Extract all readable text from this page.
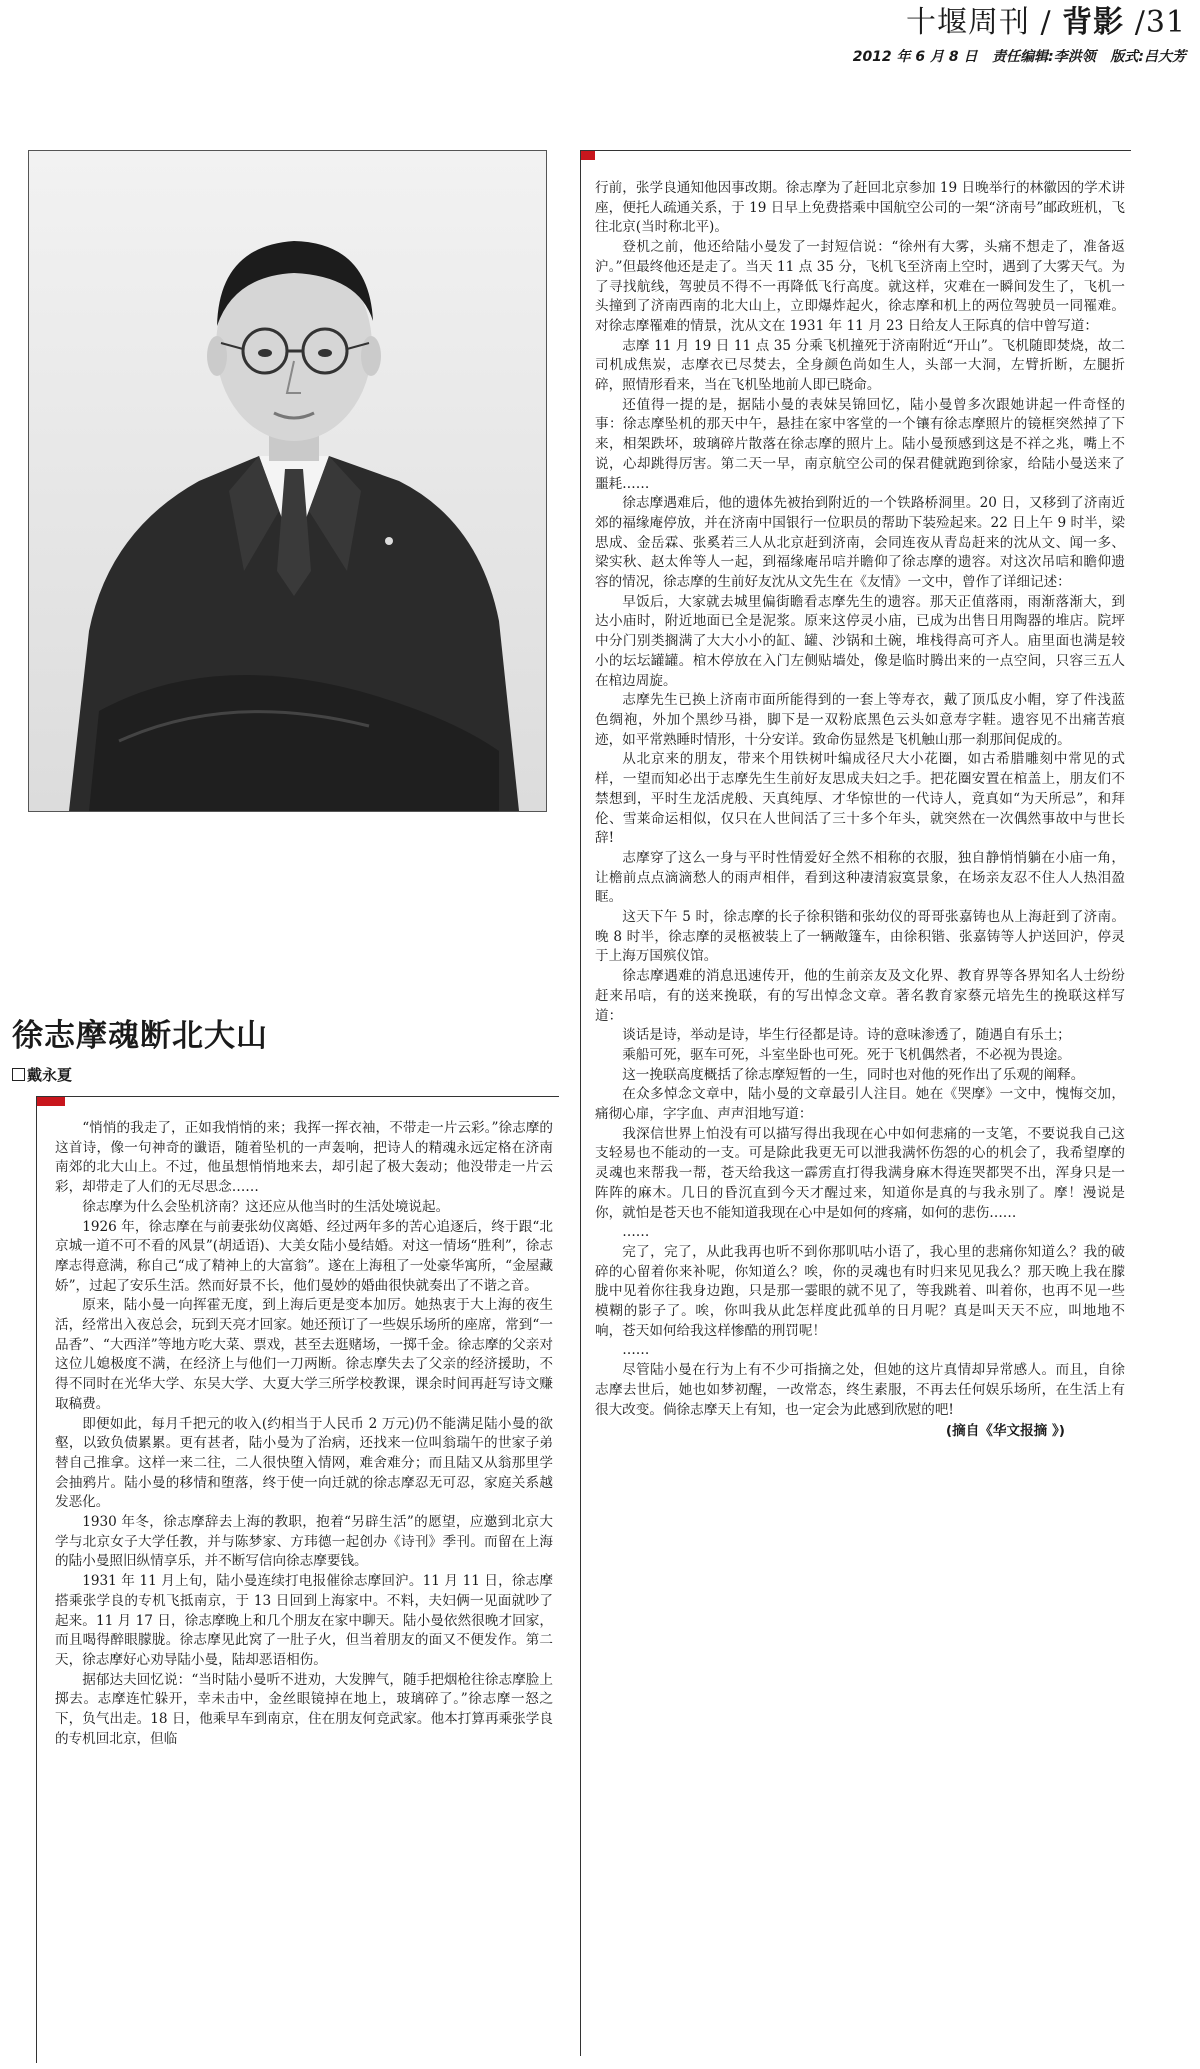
十堰周刊 / 背影 /31
2012 年 6 月 8 日 责任编辑:李洪领 版式:吕大芳
徐志摩魂断北大山
戴永夏

“悄悄的我走了，正如我悄悄的来；我挥一挥衣袖，不带走一片云彩。”徐志摩的这首诗，像一句神奇的谶语，随着坠机的一声轰响，把诗人的精魂永远定格在济南南郊的北大山上。不过，他虽想悄悄地来去，却引起了极大轰动；他没带走一片云彩，却带走了人们的无尽思念……

徐志摩为什么会坠机济南？这还应从他当时的生活处境说起。

1926 年，徐志摩在与前妻张幼仪离婚、经过两年多的苦心追逐后，终于跟“北京城一道不可不看的风景”(胡适语)、大美女陆小曼结婚。对这一情场“胜利”，徐志摩志得意满，称自己“成了精神上的大富翁”。遂在上海租了一处豪华寓所，“金屋藏娇”，过起了安乐生活。然而好景不长，他们曼妙的婚曲很快就奏出了不谐之音。

原来，陆小曼一向挥霍无度，到上海后更是变本加厉。她热衷于大上海的夜生活，经常出入夜总会，玩到天亮才回家。她还预订了一些娱乐场所的座席，常到“一品香”、“大西洋”等地方吃大菜、票戏，甚至去逛赌场，一掷千金。徐志摩的父亲对这位儿媳极度不满，在经济上与他们一刀两断。徐志摩失去了父亲的经济援助，不得不同时在光华大学、东吴大学、大夏大学三所学校教课，课余时间再赶写诗文赚取稿费。

即便如此，每月千把元的收入(约相当于人民币 2 万元)仍不能满足陆小曼的欲壑，以致负债累累。更有甚者，陆小曼为了治病，还找来一位叫翁瑞午的世家子弟替自己推拿。这样一来二往，二人很快堕入情网，难舍难分；而且陆又从翁那里学会抽鸦片。陆小曼的移情和堕落，终于使一向迁就的徐志摩忍无可忍，家庭关系越发恶化。

1930 年冬，徐志摩辞去上海的教职，抱着“另辟生活”的愿望，应邀到北京大学与北京女子大学任教，并与陈梦家、方玮德一起创办《诗刊》季刊。而留在上海的陆小曼照旧纵情享乐，并不断写信向徐志摩要钱。

1931 年 11 月上旬，陆小曼连续打电报催徐志摩回沪。11 月 11 日，徐志摩搭乘张学良的专机飞抵南京，于 13 日回到上海家中。不料，夫妇俩一见面就吵了起来。11 月 17 日，徐志摩晚上和几个朋友在家中聊天。陆小曼依然很晚才回家，而且喝得醉眼朦胧。徐志摩见此窝了一肚子火，但当着朋友的面又不便发作。第二天，徐志摩好心劝导陆小曼，陆却恶语相伤。

据郁达夫回忆说：“当时陆小曼听不进劝，大发脾气，随手把烟枪往徐志摩脸上掷去。志摩连忙躲开，幸未击中，金丝眼镜掉在地上，玻璃碎了。”徐志摩一怒之下，负气出走。18 日，他乘早车到南京，住在朋友何竞武家。他本打算再乘张学良的专机回北京，但临

行前，张学良通知他因事改期。徐志摩为了赶回北京参加 19 日晚举行的林徽因的学术讲座，便托人疏通关系，于 19 日早上免费搭乘中国航空公司的一架“济南号”邮政班机，飞往北京(当时称北平)。

登机之前，他还给陆小曼发了一封短信说：“徐州有大雾，头痛不想走了，准备返沪。”但最终他还是走了。当天 11 点 35 分，飞机飞至济南上空时，遇到了大雾天气。为了寻找航线，驾驶员不得不一再降低飞行高度。就这样，灾难在一瞬间发生了，飞机一头撞到了济南西南的北大山上，立即爆炸起火，徐志摩和机上的两位驾驶员一同罹难。对徐志摩罹难的情景，沈从文在 1931 年 11 月 23 日给友人王际真的信中曾写道：

志摩 11 月 19 日 11 点 35 分乘飞机撞死于济南附近“开山”。飞机随即焚烧，故二司机成焦炭，志摩衣已尽焚去，全身颜色尚如生人，头部一大洞，左臂折断，左腿折碎，照情形看来，当在飞机坠地前人即已晓命。

还值得一提的是，据陆小曼的表妹吴锦回忆，陆小曼曾多次跟她讲起一件奇怪的事：徐志摩坠机的那天中午，悬挂在家中客堂的一个镶有徐志摩照片的镜框突然掉了下来，相架跌坏，玻璃碎片散落在徐志摩的照片上。陆小曼预感到这是不祥之兆，嘴上不说，心却跳得厉害。第二天一早，南京航空公司的保君健就跑到徐家，给陆小曼送来了噩耗……

徐志摩遇难后，他的遗体先被抬到附近的一个铁路桥洞里。20 日，又移到了济南近郊的福缘庵停放，并在济南中国银行一位职员的帮助下装殓起来。22 日上午 9 时半，梁思成、金岳霖、张奚若三人从北京赶到济南，会同连夜从青岛赶来的沈从文、闻一多、梁实秋、赵太侔等人一起，到福缘庵吊唁并瞻仰了徐志摩的遗容。对这次吊唁和瞻仰遗容的情况，徐志摩的生前好友沈从文先生在《友情》一文中，曾作了详细记述：

早饭后，大家就去城里偏街瞻看志摩先生的遗容。那天正值落雨，雨渐落渐大，到达小庙时，附近地面已全是泥浆。原来这停灵小庙，已成为出售日用陶器的堆店。院坪中分门别类搁满了大大小小的缸、罐、沙锅和土碗，堆栈得高可齐人。庙里面也满是较小的坛坛罐罐。棺木停放在入门左侧贴墙处，像是临时腾出来的一点空间，只容三五人在棺边周旋。

志摩先生已换上济南市面所能得到的一套上等寿衣，戴了顶瓜皮小帽，穿了件浅蓝色绸袍，外加个黑纱马褂，脚下是一双粉底黑色云头如意寿字鞋。遗容见不出痛苦痕迹，如平常熟睡时情形，十分安详。致命伤显然是飞机触山那一刹那间促成的。

从北京来的朋友，带来个用铁树叶编成径尺大小花圈，如古希腊雕刻中常见的式样，一望而知必出于志摩先生生前好友思成夫妇之手。把花圈安置在棺盖上，朋友们不禁想到，平时生龙活虎般、天真纯厚、才华惊世的一代诗人，竟真如“为天所忌”，和拜伦、雪莱命运相似，仅只在人世间活了三十多个年头，就突然在一次偶然事故中与世长辞!

志摩穿了这么一身与平时性情爱好全然不相称的衣服，独自静悄悄躺在小庙一角，让檐前点点滴滴愁人的雨声相伴，看到这种凄清寂寞景象，在场亲友忍不住人人热泪盈眶。

这天下午 5 时，徐志摩的长子徐积锴和张幼仪的哥哥张嘉铸也从上海赶到了济南。晚 8 时半，徐志摩的灵柩被装上了一辆敞篷车，由徐积锴、张嘉铸等人护送回沪，停灵于上海万国殡仪馆。

徐志摩遇难的消息迅速传开，他的生前亲友及文化界、教育界等各界知名人士纷纷赶来吊唁，有的送来挽联，有的写出悼念文章。著名教育家蔡元培先生的挽联这样写道：

谈话是诗，举动是诗，毕生行径都是诗。诗的意味渗透了，随遇自有乐土；

乘船可死，驱车可死，斗室坐卧也可死。死于飞机偶然者，不必视为畏途。

这一挽联高度概括了徐志摩短暂的一生，同时也对他的死作出了乐观的阐释。

在众多悼念文章中，陆小曼的文章最引人注目。她在《哭摩》一文中，愧悔交加，痛彻心扉，字字血、声声泪地写道：

我深信世界上怕没有可以描写得出我现在心中如何悲痛的一支笔，不要说我自己这支轻易也不能动的一支。可是除此我更无可以泄我满怀伤怨的心的机会了，我希望摩的灵魂也来帮我一帮，苍天给我这一霹雳直打得我满身麻木得连哭都哭不出，浑身只是一阵阵的麻木。几日的昏沉直到今天才醒过来，知道你是真的与我永别了。摩！漫说是你，就怕是苍天也不能知道我现在心中是如何的疼痛，如何的悲伤……

……

完了，完了，从此我再也听不到你那叽咕小语了，我心里的悲痛你知道么？我的破碎的心留着你来补呢，你知道么？唉，你的灵魂也有时归来见见我么？那天晚上我在朦胧中见着你往我身边跑，只是那一霎眼的就不见了，等我跳着、叫着你，也再不见一些模糊的影子了。唉，你叫我从此怎样度此孤单的日月呢？真是叫天天不应，叫地地不响，苍天如何给我这样惨酷的刑罚呢！

……

尽管陆小曼在行为上有不少可指摘之处，但她的这片真情却异常感人。而且，自徐志摩去世后，她也如梦初醒，一改常态，终生素服，不再去任何娱乐场所，在生活上有很大改变。倘徐志摩天上有知，也一定会为此感到欣慰的吧!

(摘自《华文报摘 》)
